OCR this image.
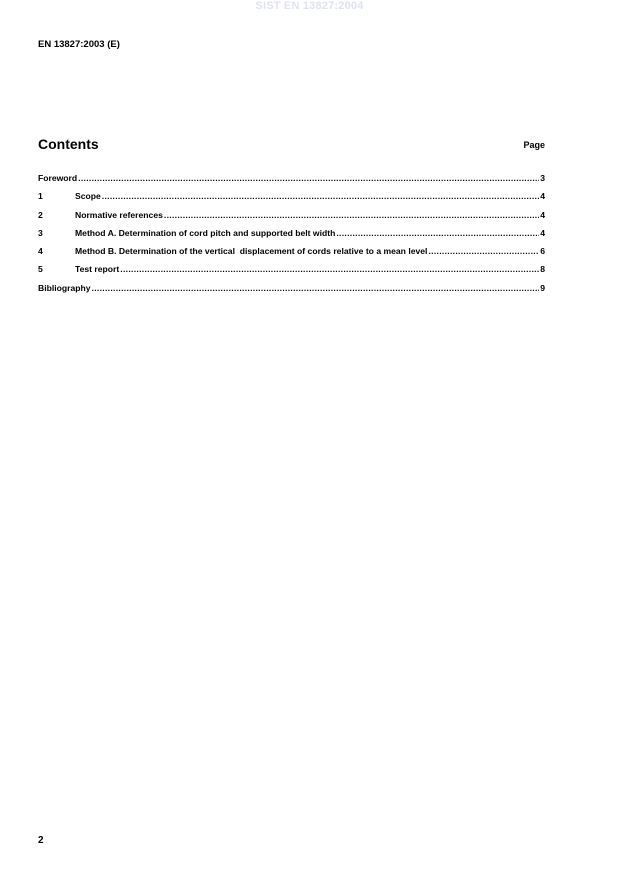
SIST EN 13827:2004
EN 13827:2003 (E)
Contents	Page
Foreword .....	3
1	Scope .....	4
2	Normative references .....	4
3	Method A. Determination of cord pitch and supported belt width .....	4
4	Method B. Determination of the vertical  displacement of cords relative to a mean level .....	6
5	Test report .....	8
Bibliography .....	9
2
